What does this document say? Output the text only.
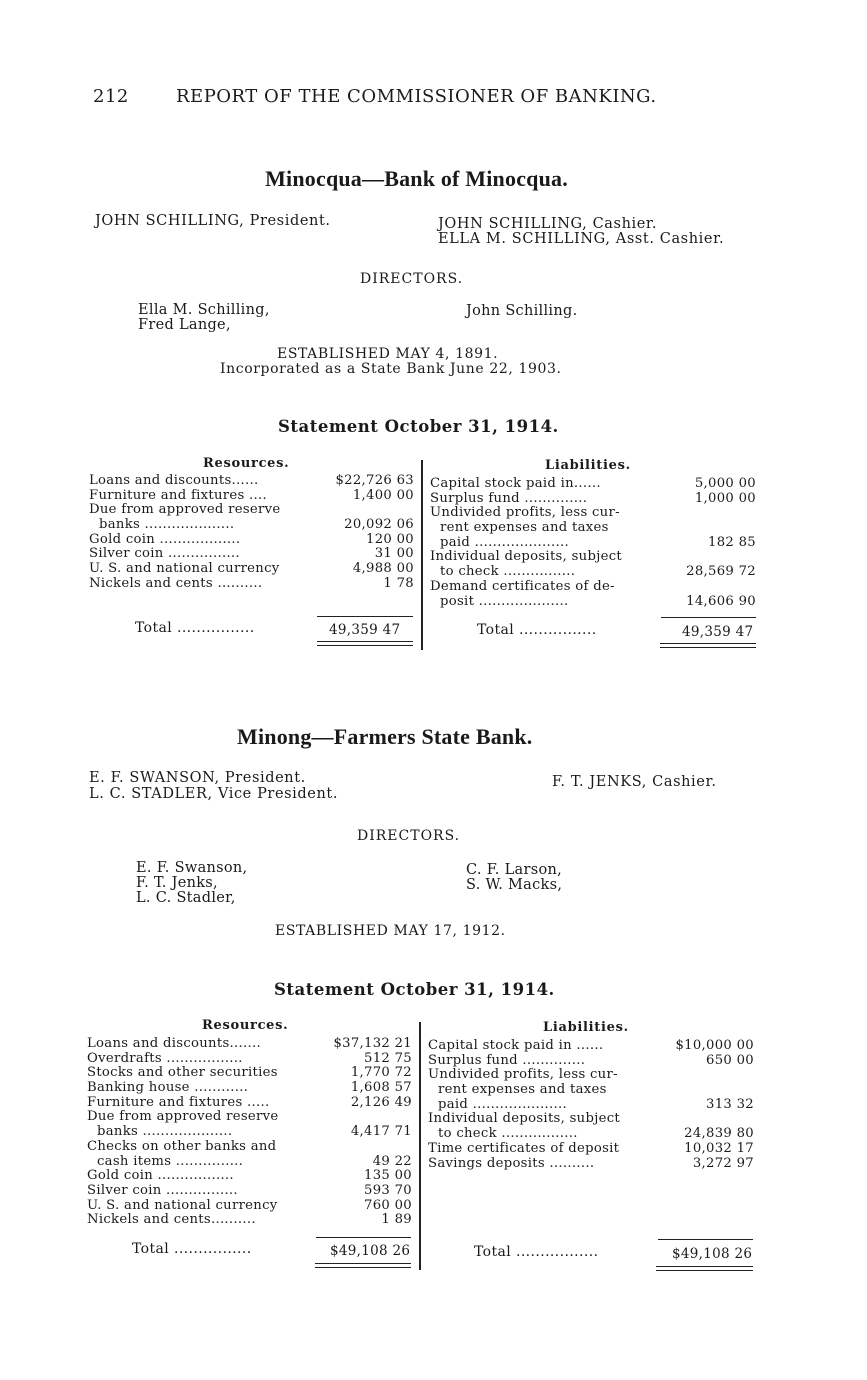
212	REPORT OF THE COMMISSIONER OF BANKING.
Minocqua—Bank of Minocqua.
JOHN SCHILLING, President.	JOHN SCHILLING, Cashier.
ELLA M. SCHILLING, Asst. Cashier.
DIRECTORS.
Ella M. Schilling,
Fred Lange,
John Schilling.
ESTABLISHED MAY 4, 1891.
Incorporated as a State Bank June 22, 1903.
Statement October 31, 1914.
Resources.
Loans and discounts......	$22,726 63
Furniture and fixtures ....	1,400 00
Due from approved reserve
banks ....................	20,092 06
Gold coin ..................	120 00
Silver coin ................	31 00
U. S. and national currency	4,988 00
Nickels and cents ..........	1 78
Total ................	49,359 47
Liabilities.
Capital stock paid in......	5,000 00
Surplus fund ..............	1,000 00
Undivided profits, less cur-
rent expenses and taxes
paid .....................	182 85
Individual deposits, subject
to check ................	28,569 72
Demand certificates of de-
posit ....................	14,606 90
Total ................	49,359 47
Minong—Farmers State Bank.
E. F. SWANSON, President.
L. C. STADLER, Vice President.
F. T. JENKS, Cashier.
DIRECTORS.
E. F. Swanson,
F. T. Jenks,
L. C. Stadler,
C. F. Larson,
S. W. Macks,
ESTABLISHED MAY 17, 1912.
Statement October 31, 1914.
Resources.
Loans and discounts.......	$37,132 21
Overdrafts .................	512 75
Stocks and other securities	1,770 72
Banking house ............	1,608 57
Furniture and fixtures .....	2,126 49
Due from approved reserve
banks ....................	4,417 71
Checks on other banks and
cash items ...............	49 22
Gold coin .................	135 00
Silver coin ................	593 70
U. S. and national currency	760 00
Nickels and cents..........	1 89
Total ................	$49,108 26
Liabilities.
Capital stock paid in ......	$10,000 00
Surplus fund ..............	650 00
Undivided profits, less cur-
rent expenses and taxes
paid .....................	313 32
Individual deposits, subject
to check .................	24,839 80
Time certificates of deposit	10,032 17
Savings deposits ..........	3,272 97
Total .................	$49,108 26
